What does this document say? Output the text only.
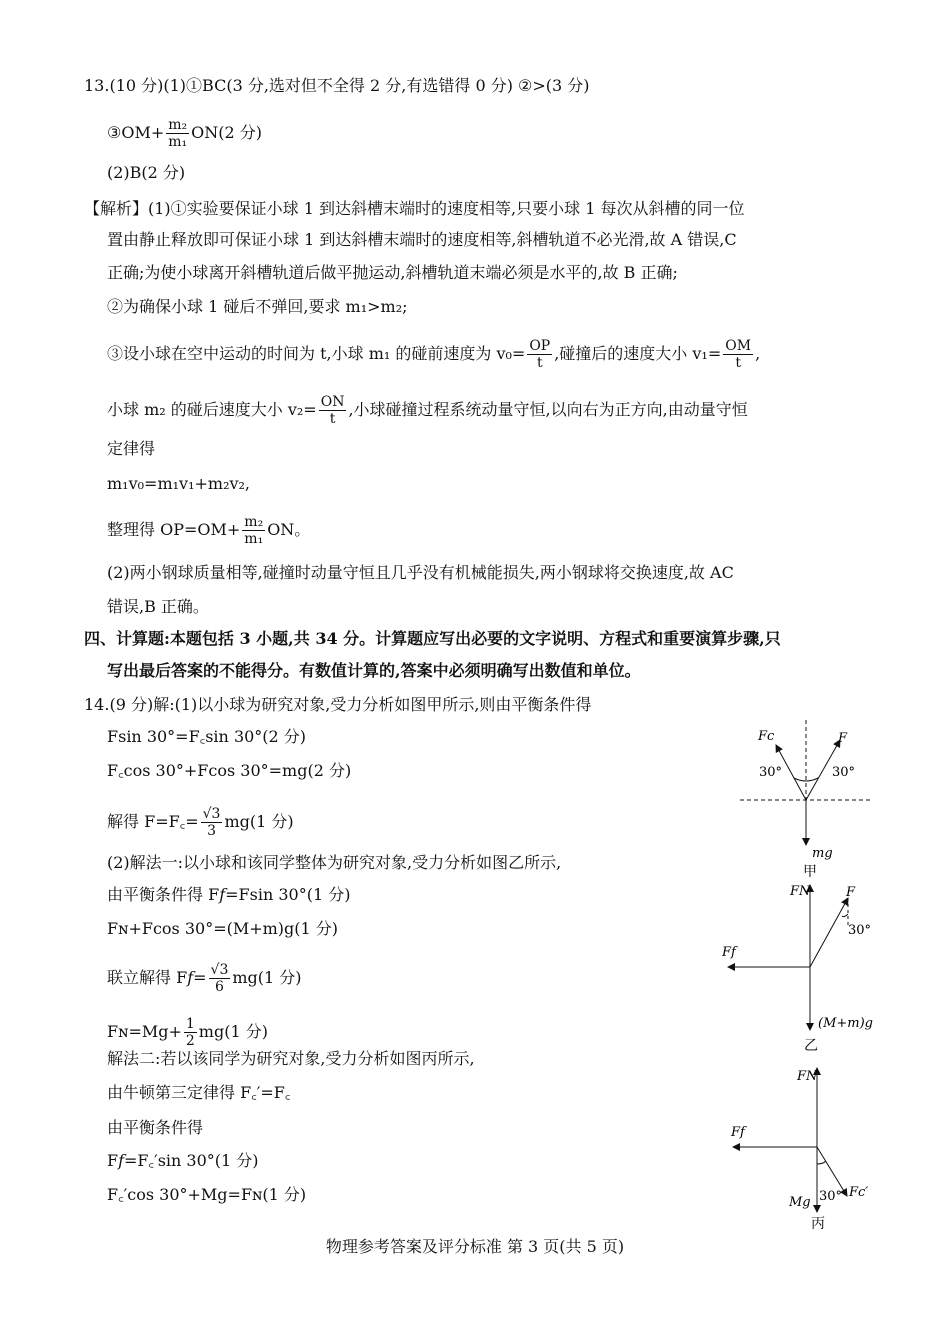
13.(10 分)(1)①BC(3 分,选对但不全得 2 分,有选错得 0 分) ②>(3 分)
③OM+ $\frac{\text{m₂}}{\text{m₁}} ON(2$ 分)
(2)B(2 分)
【解析】(1)①实验要保证小球 1 到达斜槽末端时的速度相等,只要小球 1 每次从斜槽的同一位
置由静止释放即可保证小球 1 到达斜槽末端时的速度相等,斜槽轨道不必光滑,故 A 错误,C
正确;为使小球离开斜槽轨道后做平抛运动,斜槽轨道末端必须是水平的,故 B 正确;
②为确保小球 1 碰后不弹回,要求 m₁>m₂;
③设小球在空中运动的时间为 t,小球 m₁ 的碰前速度为 $v_0= \frac{OP}{t}$ ,碰撞后的速度大小 $v_1= \frac{OM}{t}$ ,
小球 m₂ 的碰后速度大小 $v_2= \frac{ON}{t}$ ,小球碰撞过程系统动量守恒,以向右为正方向,由动量守恒
定律得
m₁v₀=m₁v₁+m₂v₂,
整理得 $OP=OM+ \frac{\text{m₂}}{\text{m₁}}$ ON。
(2)两小钢球质量相等,碰撞时动量守恒且几乎没有机械能损失,两小钢球将交换速度,故 AC
错误,B 正确。
四、计算题:本题包括 3 小题,共 34 分。计算题应写出必要的文字说明、方程式和重要演算步骤,只
写出最后答案的不能得分。有数值计算的,答案中必须明确写出数值和单位。
14.(9 分)解:(1)以小球为研究对象,受力分析如图甲所示,则由平衡条件得
Fsin 30°=F꜀sin 30°(2 分)
F꜀cos 30°+Fcos 30°=mg(2 分)
解得 F=F꜀= $\frac{√3}{3} mg(1$ 分)
(2)解法一:以小球和该同学整体为研究对象,受力分析如图乙所示,
由平衡条件得 F𝑓=Fsin 30°(1 分)
Fɴ+Fcos 30°=(M+m)g(1 分)
联立解得 F𝑓= $\frac{√3}{6} mg(1$ 分)
Fɴ=Mg+ $\frac{1}{2} mg(1$ 分)
解法二:若以该同学为研究对象,受力分析如图丙所示,
由牛顿第三定律得 F꜀′=F꜀
由平衡条件得
F𝑓=F꜀′sin 30°(1 分)
F꜀′cos 30°+Mg=Fɴ(1 分)
Fc	F
30°	30°
mg
甲
FN	F
30°
Ff
(M+m)g
乙
FN
Ff
Mg 30° Fc′
丙
物理参考答案及评分标准 第 3 页(共 5 页)
